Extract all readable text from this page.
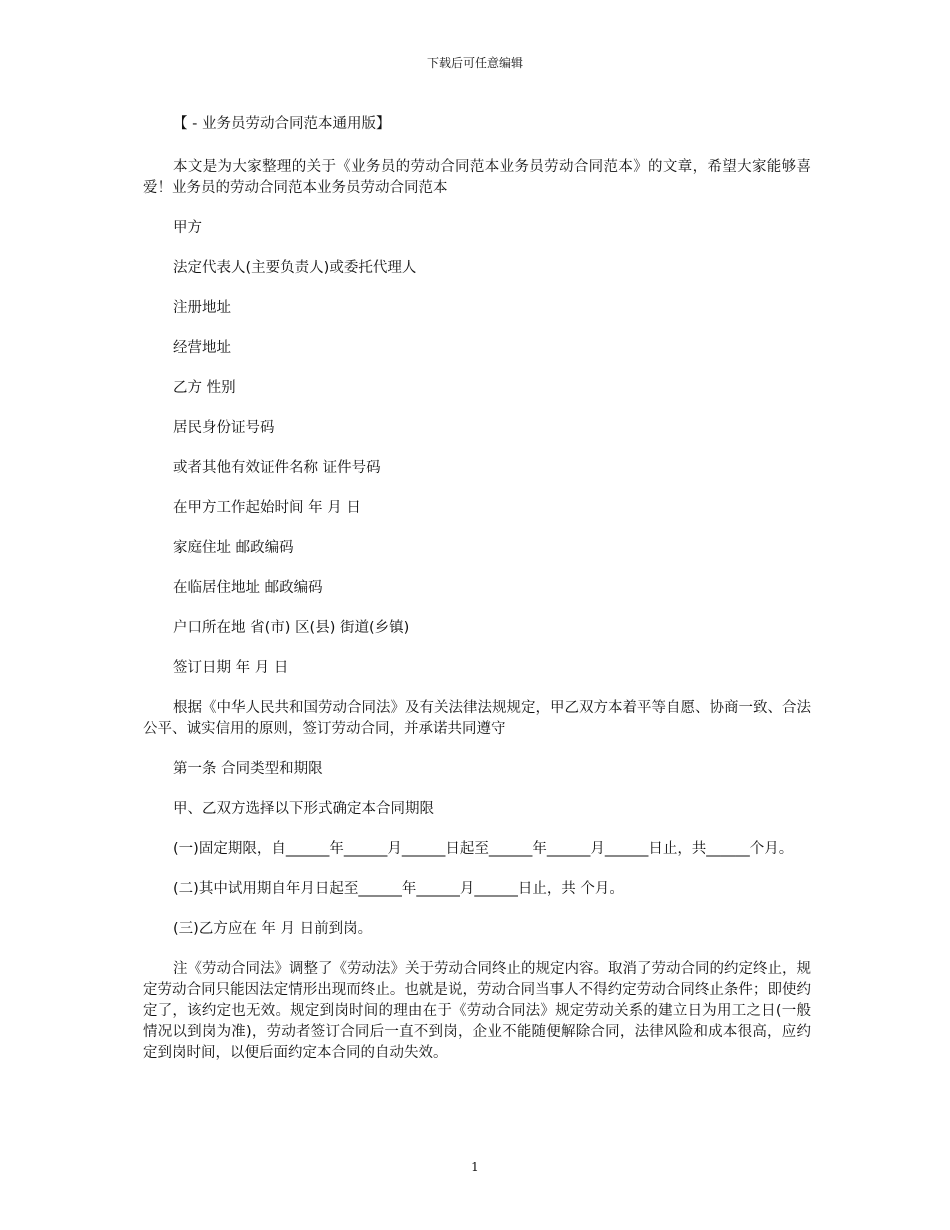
下载后可任意编辑

【 - 业务员劳动合同范本通用版】

本文是为大家整理的关于《业务员的劳动合同范本业务员劳动合同范本》的文章，希望大家能够喜爱！业务员的劳动合同范本业务员劳动合同范本

甲方

法定代表人(主要负责人)或委托代理人

注册地址

经营地址

乙方 性别

居民身份证号码

或者其他有效证件名称 证件号码

在甲方工作起始时间 年 月 日

家庭住址 邮政编码

在临居住地址 邮政编码

户口所在地 省(市) 区(县) 街道(乡镇)

签订日期 年 月 日

根据《中华人民共和国劳动合同法》及有关法律法规规定，甲乙双方本着平等自愿、协商一致、合法公平、诚实信用的原则，签订劳动合同，并承诺共同遵守

第一条 合同类型和期限

甲、乙双方选择以下形式确定本合同期限

(一)固定期限，自______年______月______日起至______年______月______日止，共______个月。

(二)其中试用期自年月日起至______年______月______日止，共 个月。

(三)乙方应在 年 月 日前到岗。

注《劳动合同法》调整了《劳动法》关于劳动合同终止的规定内容。取消了劳动合同的约定终止，规定劳动合同只能因法定情形出现而终止。也就是说，劳动合同当事人不得约定劳动合同终止条件；即使约定了，该约定也无效。规定到岗时间的理由在于《劳动合同法》规定劳动关系的建立日为用工之日(一般情况以到岗为准)，劳动者签订合同后一直不到岗，企业不能随便解除合同，法律风险和成本很高，应约定到岗时间，以便后面约定本合同的自动失效。

1
